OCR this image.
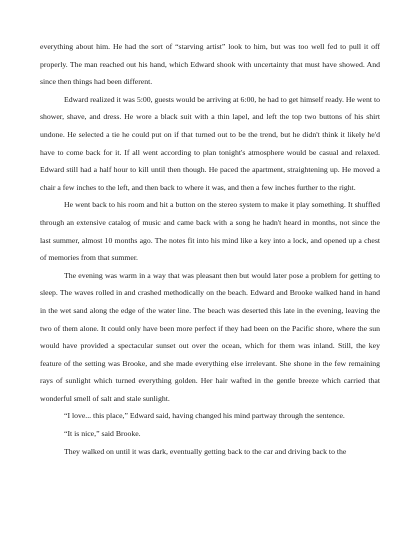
everything about him. He had the sort of “starving artist” look to him, but was too well fed to pull it off properly. The man reached out his hand, which Edward shook with uncertainty that must have showed. And since then things had been different.

Edward realized it was 5:00, guests would be arriving at 6:00, he had to get himself ready. He went to shower, shave, and dress. He wore a black suit with a thin lapel, and left the top two buttons of his shirt undone. He selected a tie he could put on if that turned out to be the trend, but he didn't think it likely he'd have to come back for it. If all went according to plan tonight's atmosphere would be casual and relaxed. Edward still had a half hour to kill until then though. He paced the apartment, straightening up. He moved a chair a few inches to the left, and then back to where it was, and then a few inches further to the right.

He went back to his room and hit a button on the stereo system to make it play something. It shuffled through an extensive catalog of music and came back with a song he hadn't heard in months, not since the last summer, almost 10 months ago. The notes fit into his mind like a key into a lock, and opened up a chest of memories from that summer.

The evening was warm in a way that was pleasant then but would later pose a problem for getting to sleep. The waves rolled in and crashed methodically on the beach. Edward and Brooke walked hand in hand in the wet sand along the edge of the water line. The beach was deserted this late in the evening, leaving the two of them alone. It could only have been more perfect if they had been on the Pacific shore, where the sun would have provided a spectacular sunset out over the ocean, which for them was inland. Still, the key feature of the setting was Brooke, and she made everything else irrelevant. She shone in the few remaining rays of sunlight which turned everything golden. Her hair wafted in the gentle breeze which carried that wonderful smell of salt and stale sunlight.

“I love... this place,” Edward said, having changed his mind partway through the sentence.

“It is nice,” said Brooke.

They walked on until it was dark, eventually getting back to the car and driving back to the
